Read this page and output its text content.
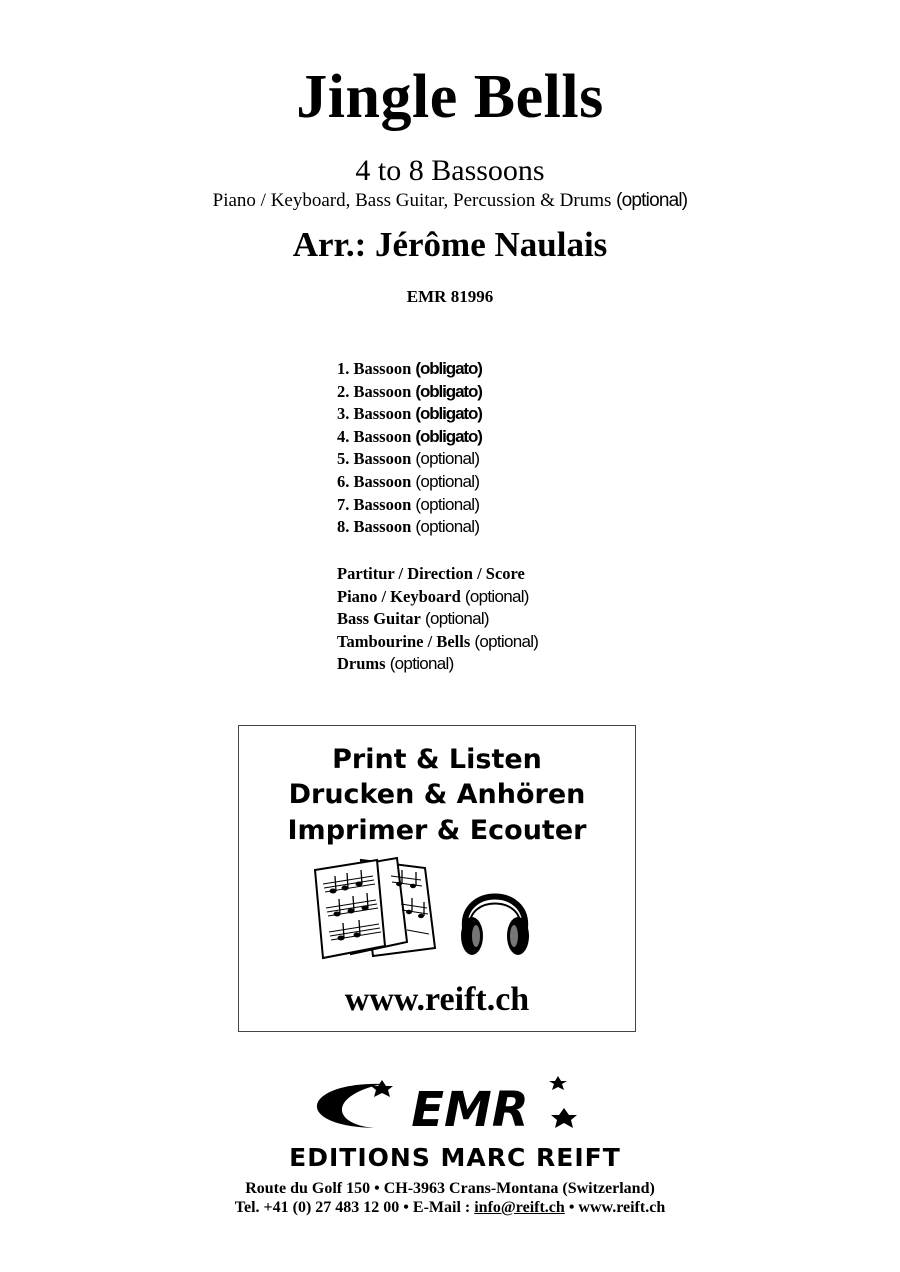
Jingle Bells
4 to 8 Bassoons
Piano / Keyboard, Bass Guitar, Percussion & Drums (optional)
Arr.: Jérôme Naulais
EMR 81996
1. Bassoon (obligato)
2. Bassoon (obligato)
3. Bassoon (obligato)
4. Bassoon (obligato)
5. Bassoon (optional)
6. Bassoon (optional)
7. Bassoon (optional)
8. Bassoon (optional)
Partitur / Direction / Score
Piano / Keyboard (optional)
Bass Guitar (optional)
Tambourine / Bells (optional)
Drums (optional)
Print & Listen
Drucken & Anhören
Imprimer & Ecouter
www.reift.ch
EMR
EDITIONS MARC REIFT
Route du Golf 150 • CH-3963 Crans-Montana (Switzerland)
Tel. +41 (0) 27 483 12 00 • E-Mail : info@reift.ch • www.reift.ch
